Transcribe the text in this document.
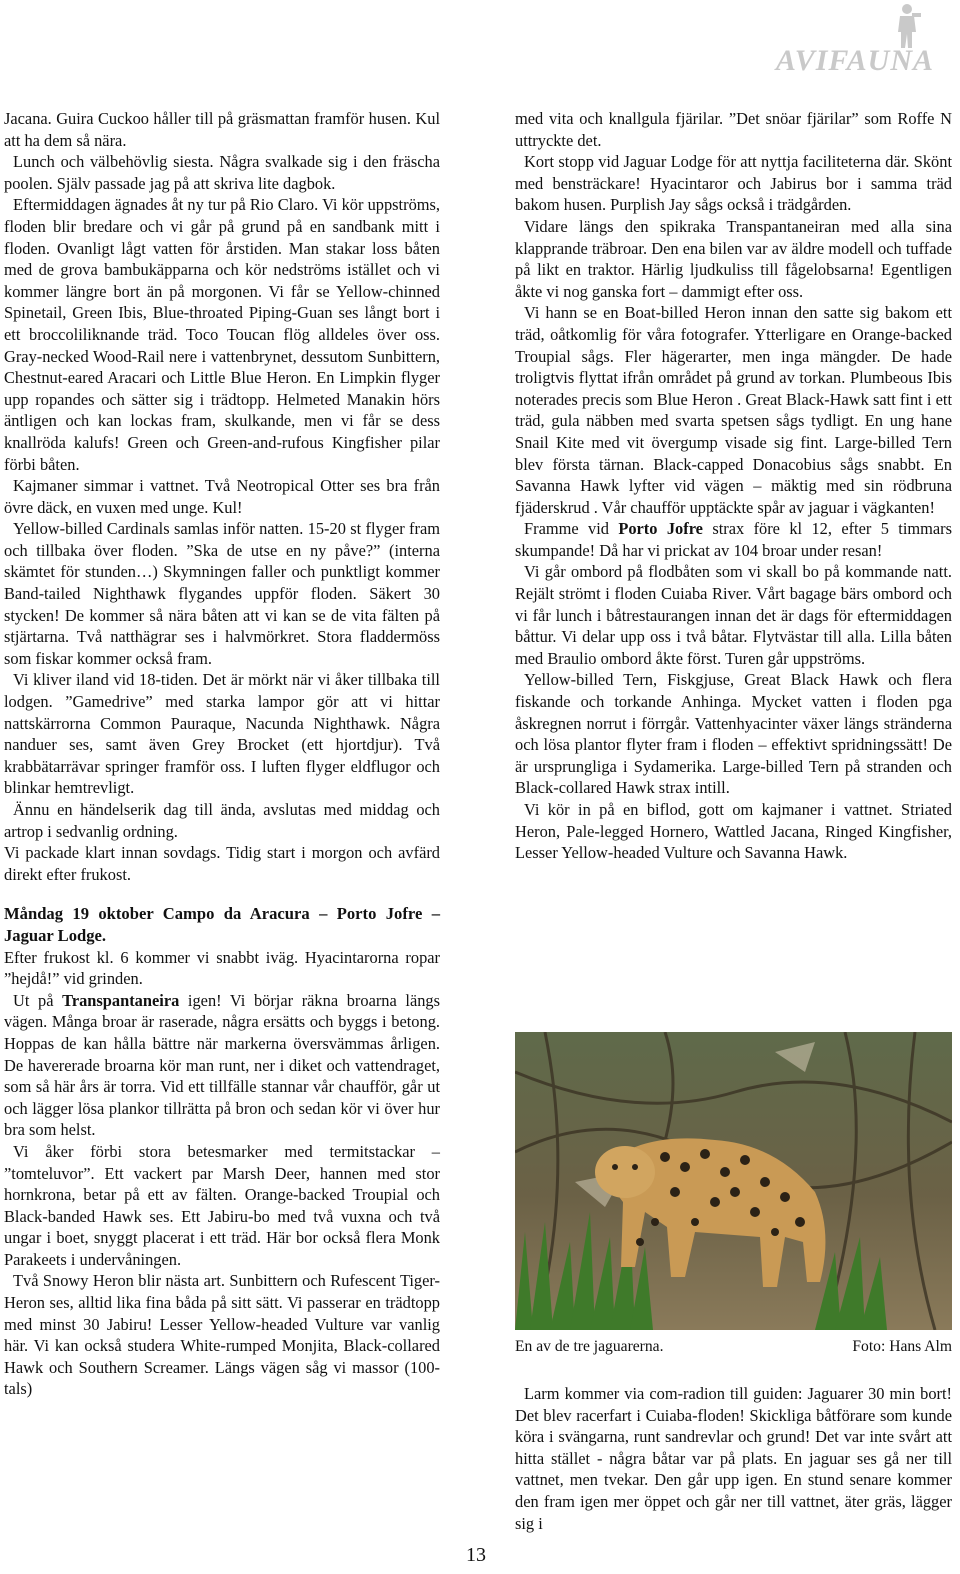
AVIFAUNA

Jacana. Guira Cuckoo håller till på gräsmattan framför husen. Kul att ha dem så nära.

Lunch och välbehövlig siesta. Några svalkade sig i den fräscha poolen. Själv passade jag på att skriva lite dagbok.

Eftermiddagen ägnades åt ny tur på Rio Claro. Vi kör uppströms, floden blir bredare och vi går på grund på en sandbank mitt i floden. Ovanligt lågt vatten för årstiden. Man stakar loss båten med de grova bambukäpparna och kör nedströms istället och vi kommer längre bort än på morgonen. Vi får se Yellow-chinned Spinetail, Green Ibis, Blue-throated Piping-Guan ses långt bort i ett broccoliliknande träd. Toco Toucan flög alldeles över oss. Gray-necked Wood-Rail nere i vattenbrynet, dessutom Sunbittern, Chestnut-eared Aracari och Little Blue Heron. En Limpkin flyger upp ropandes och sätter sig i trädtopp. Helmeted Manakin hörs äntligen och kan lockas fram, skulkande, men vi får se dess knallröda kalufs! Green och Green-and-rufous Kingfisher pilar förbi båten.

Kajmaner simmar i vattnet. Två Neotropical Otter ses bra från övre däck, en vuxen med unge. Kul!

Yellow-billed Cardinals samlas inför natten. 15-20 st flyger fram och tillbaka över floden. ”Ska de utse en ny påve?” (interna skämtet för stunden…) Skymningen faller och punktligt kommer Band-tailed Nighthawk flygandes uppför floden. Säkert 30 stycken! De kommer så nära båten att vi kan se de vita fälten på stjärtarna. Två natthägrar ses i halvmörkret. Stora fladdermöss som fiskar kommer också fram.

Vi kliver iland vid 18-tiden. Det är mörkt när vi åker tillbaka till lodgen. ”Gamedrive” med starka lampor gör att vi hittar nattskärrorna Common Pauraque, Nacunda Nighthawk. Några nanduer ses, samt även Grey Brocket (ett hjortdjur). Två krabbätarrävar springer framför oss. I luften flyger eldflugor och blinkar hemtrevligt.

Ännu en händelserik dag till ända, avslutas med middag och artrop i sedvanlig ordning.

Vi packade klart innan sovdags. Tidig start i morgon och avfärd direkt efter frukost.

Måndag 19 oktober Campo da Aracura – Porto Jofre – Jaguar Lodge.

Efter frukost kl. 6 kommer vi snabbt iväg. Hyacintarorna ropar ”hejdå!” vid grinden.

Ut på Transpantaneira igen! Vi börjar räkna broarna längs vägen. Många broar är raserade, några ersätts och byggs i betong. Hoppas de kan hålla bättre när markerna översvämmas årligen. De havererade broarna kör man runt, ner i diket och vattendraget, som så här års är torra. Vid ett tillfälle stannar vår chaufför, går ut och lägger lösa plankor tillrätta på bron och sedan kör vi över hur bra som helst.

Vi åker förbi stora betesmarker med termitstackar – ”tomteluvor”. Ett vackert par Marsh Deer, hannen med stor hornkrona, betar på ett av fälten. Orange-backed Troupial och Black-banded Hawk ses. Ett Jabiru-bo med två vuxna och två ungar i boet, snyggt placerat i ett träd. Här bor också flera Monk Parakeets i undervåningen.

Två Snowy Heron blir nästa art. Sunbittern och Rufescent Tiger-Heron ses, alltid lika fina båda på sitt sätt. Vi passerar en trädtopp med minst 30 Jabiru! Lesser Yellow-headed Vulture var vanlig här. Vi kan också studera White-rumped Monjita, Black-collared Hawk och Southern Screamer. Längs vägen såg vi massor (100-tals)

med vita och knallgula fjärilar. ”Det snöar fjärilar” som Roffe N uttryckte det.

Kort stopp vid Jaguar Lodge för att nyttja faciliteterna där. Skönt med bensträckare! Hyacintaror och Jabirus bor i samma träd bakom husen. Purplish Jay sågs också i trädgården.

Vidare längs den spikraka Transpantaneiran med alla sina klapprande träbroar. Den ena bilen var av äldre modell och tuffade på likt en traktor. Härlig ljudkuliss till fågelobsarna! Egentligen åkte vi nog ganska fort – dammigt efter oss.

Vi hann se en Boat-billed Heron innan den satte sig bakom ett träd, oåtkomlig för våra fotografer. Ytterligare en Orange-backed Troupial sågs. Fler hägerarter, men inga mängder. De hade troligtvis flyttat ifrån området på grund av torkan. Plumbeous Ibis noterades precis som Blue Heron . Great Black-Hawk satt fint i ett träd, gula näbben med svarta spetsen sågs tydligt. En ung hane Snail Kite med vit övergump visade sig fint. Large-billed Tern blev första tärnan. Black-capped Donacobius sågs snabbt. En Savanna Hawk lyfter vid vägen – mäktig med sin rödbruna fjäderskrud . Vår chaufför upptäckte spår av jaguar i vägkanten!

Framme vid Porto Jofre strax före kl 12, efter 5 timmars skumpande! Då har vi prickat av 104 broar under resan!

Vi går ombord på flodbåten som vi skall bo på kommande natt. Rejält strömt i floden Cuiaba River. Vårt bagage bärs ombord och vi får lunch i båtrestaurangen innan det är dags för eftermiddagen båttur. Vi delar upp oss i två båtar. Flytvästar till alla. Lilla båten med Braulio ombord åkte först. Turen går uppströms.

Yellow-billed Tern, Fiskgjuse, Great Black Hawk och flera fiskande och torkande Anhinga. Mycket vatten i floden pga åskregnen norrut i förrgår. Vattenhyacinter växer längs stränderna och lösa plantor flyter fram i floden – effektivt spridningssätt! De är ursprungliga i Sydamerika. Large-billed Tern på stranden och Black-collared Hawk strax intill.

Vi kör in på en biflod, gott om kajmaner i vattnet. Striated Heron, Pale-legged Hornero, Wattled Jacana, Ringed Kingfisher, Lesser Yellow-headed Vulture och Savanna Hawk.

En av de tre jaguarerna.	Foto: Hans Alm

Larm kommer via com-radion till guiden: Jaguarer 30 min bort! Det blev racerfart i Cuiaba-floden! Skickliga båtförare som kunde köra i svängarna, runt sandrevlar och grund! Det var inte svårt att hitta stället - några båtar var på plats. En jaguar ses gå ner till vattnet, men tvekar. Den går upp igen. En stund senare kommer den fram igen mer öppet och går ner till vattnet, äter gräs, lägger sig i

13
